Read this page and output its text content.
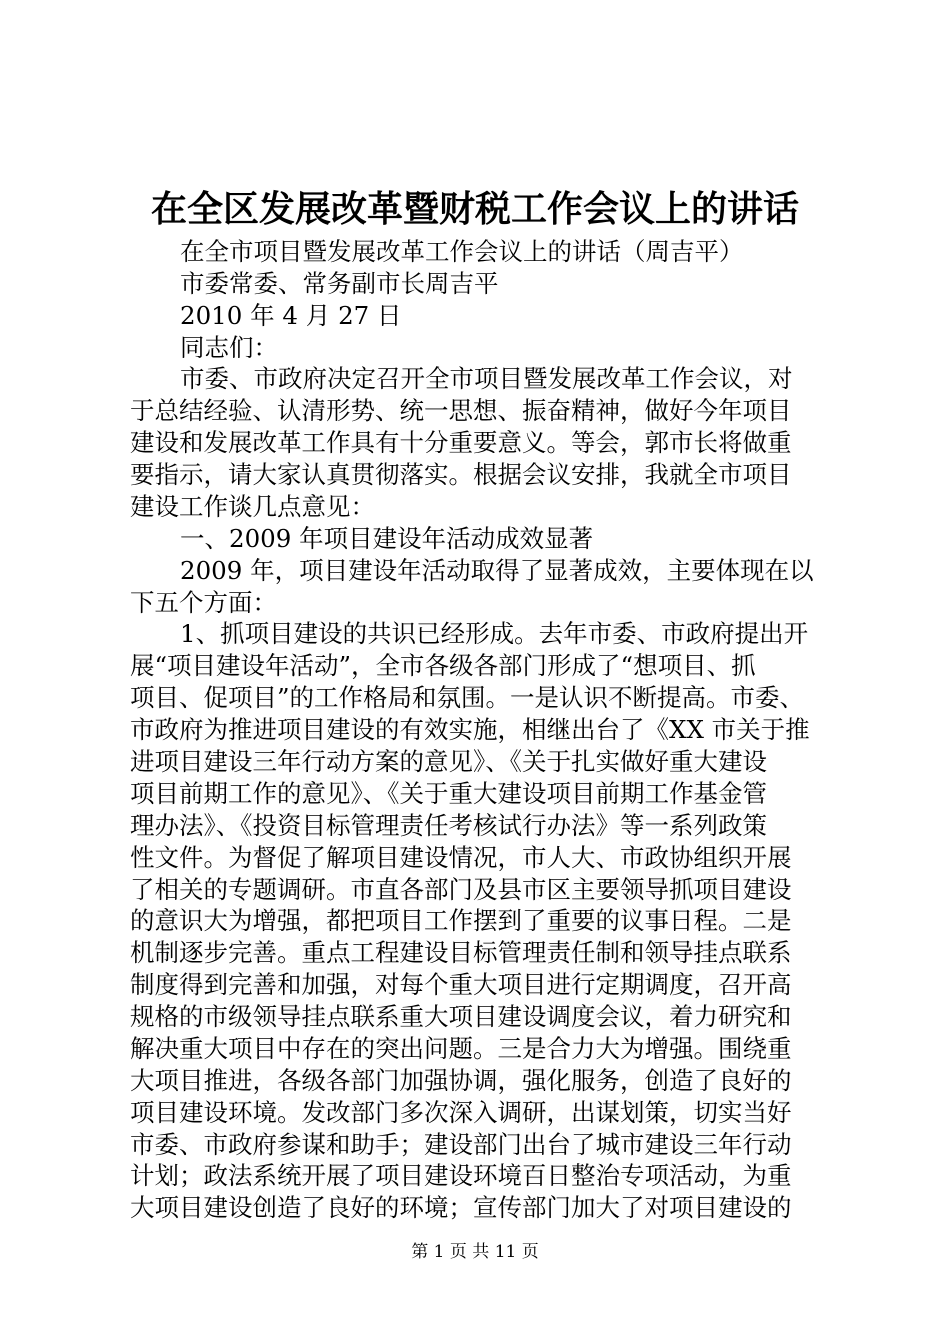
在全区发展改革暨财税工作会议上的讲话
在全市项目暨发展改革工作会议上的讲话（周吉平）
市委常委、常务副市长周吉平
2010 年 4 月 27 日
同志们：
市委、市政府决定召开全市项目暨发展改革工作会议，对
于总结经验、认清形势、统一思想、振奋精神，做好今年项目
建设和发展改革工作具有十分重要意义。等会，郭市长将做重
要指示，请大家认真贯彻落实。根据会议安排，我就全市项目
建设工作谈几点意见：
一、2009 年项目建设年活动成效显著
2009 年，项目建设年活动取得了显著成效，主要体现在以
下五个方面：
1、抓项目建设的共识已经形成。去年市委、市政府提出开
展“项目建设年活动”，全市各级各部门形成了“想项目、抓
项目、促项目”的工作格局和氛围。一是认识不断提高。市委、
市政府为推进项目建设的有效实施，相继出台了《XX 市关于推
进项目建设三年行动方案的意见》、《关于扎实做好重大建设
项目前期工作的意见》、《关于重大建设项目前期工作基金管
理办法》、《投资目标管理责任考核试行办法》等一系列政策
性文件。为督促了解项目建设情况，市人大、市政协组织开展
了相关的专题调研。市直各部门及县市区主要领导抓项目建设
的意识大为增强，都把项目工作摆到了重要的议事日程。二是
机制逐步完善。重点工程建设目标管理责任制和领导挂点联系
制度得到完善和加强，对每个重大项目进行定期调度，召开高
规格的市级领导挂点联系重大项目建设调度会议，着力研究和
解决重大项目中存在的突出问题。三是合力大为增强。围绕重
大项目推进，各级各部门加强协调，强化服务，创造了良好的
项目建设环境。发改部门多次深入调研，出谋划策，切实当好
市委、市政府参谋和助手；建设部门出台了城市建设三年行动
计划；政法系统开展了项目建设环境百日整治专项活动，为重
大项目建设创造了良好的环境；宣传部门加大了对项目建设的
第 1 页 共 11 页
